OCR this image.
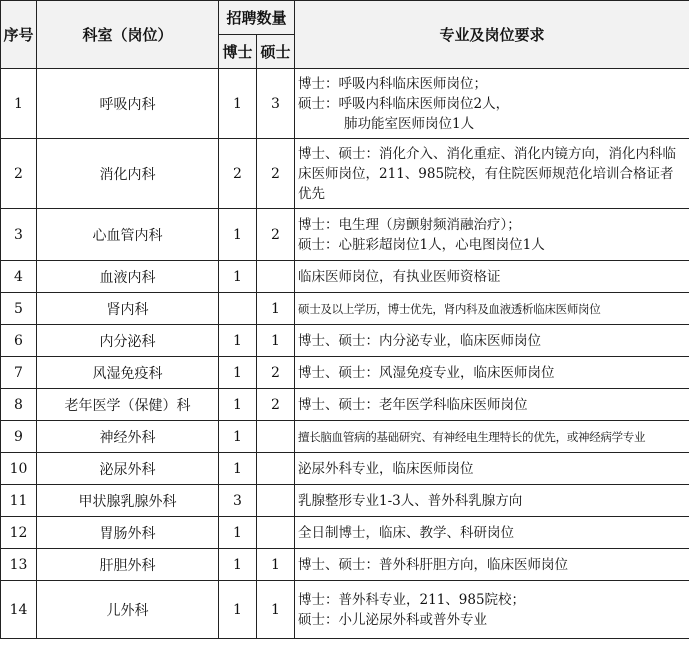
序号	科室（岗位）	招聘数量		专业及岗位要求
		博士	硕士	
1	呼吸内科	1	3	博士：呼吸内科临床医师岗位；
硕士：呼吸内科临床医师岗位2人，
肺功能室医师岗位1人

2	消化内科	2	2	博士、硕士：消化介入、消化重症、消化内镜方向，消化内科临床医师岗位，211、985院校，有住院医师规范化培训合格证者优先

3	心血管内科	1	2	博士：电生理（房颤射频消融治疗）；
硕士：心脏彩超岗位1人，心电图岗位1人

4	血液内科	1		临床医师岗位，有执业医师资格证

5	肾内科		1	硕士及以上学历，博士优先，肾内科及血液透析临床医师岗位

6	内分泌科	1	1	博士、硕士：内分泌专业，临床医师岗位

7	风湿免疫科	1	2	博士、硕士：风湿免疫专业，临床医师岗位

8	老年医学（保健）科	1	2	博士、硕士：老年医学科临床医师岗位

9	神经外科	1		擅长脑血管病的基础研究、有神经电生理特长的优先，或神经病学专业

10	泌尿外科	1		泌尿外科专业，临床医师岗位

11	甲状腺乳腺外科	3		乳腺整形专业1-3人、普外科乳腺方向

12	胃肠外科	1		全日制博士，临床、教学、科研岗位

13	肝胆外科	1	1	博士、硕士：普外科肝胆方向，临床医师岗位

14	儿外科	1	1	博士：普外科专业，211、985院校；
硕士：小儿泌尿外科或普外专业
